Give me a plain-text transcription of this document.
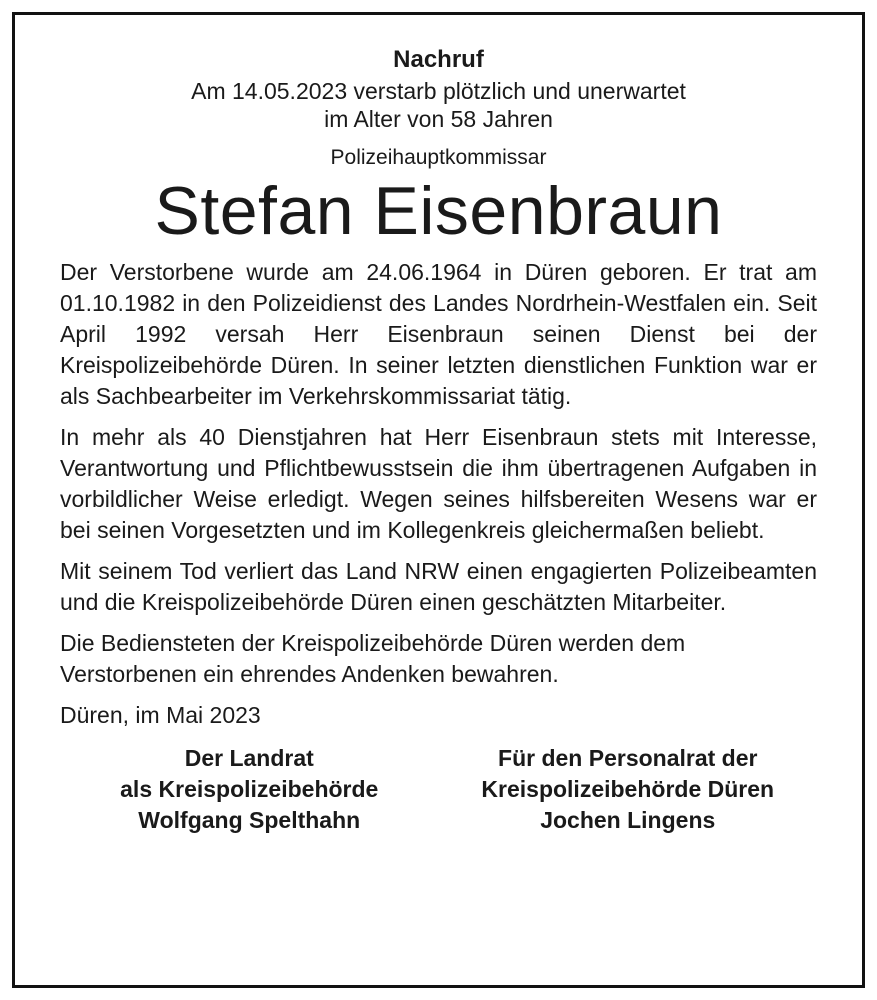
Nachruf
Am 14.05.2023 verstarb plötzlich und unerwartet
im Alter von 58 Jahren
Polizeihauptkommissar
Stefan Eisenbraun

Der Verstorbene wurde am 24.06.1964 in Düren geboren. Er trat am 01.10.1982 in den Polizeidienst des Landes Nordrhein-Westfalen ein. Seit April 1992 versah Herr Eisenbraun seinen Dienst bei der Kreispolizeibehörde Düren. In seiner letzten dienstlichen Funktion war er als Sachbearbeiter im Verkehrskommissariat tätig.

In mehr als 40 Dienstjahren hat Herr Eisenbraun stets mit Interesse, Verantwortung und Pflichtbewusstsein die ihm übertragenen Aufgaben in vorbildlicher Weise erledigt. Wegen seines hilfsbereiten Wesens war er bei seinen Vorgesetzten und im Kollegenkreis gleichermaßen beliebt.

Mit seinem Tod verliert das Land NRW einen engagierten Polizeibeamten und die Kreispolizeibehörde Düren einen geschätzten Mitarbeiter.

Die Bediensteten der Kreispolizeibehörde Düren werden dem Verstorbenen ein ehrendes Andenken bewahren.

Düren, im Mai 2023
Der Landrat
als Kreispolizeibehörde
Wolfgang Spelthahn
Für den Personalrat der
Kreispolizeibehörde Düren
Jochen Lingens
